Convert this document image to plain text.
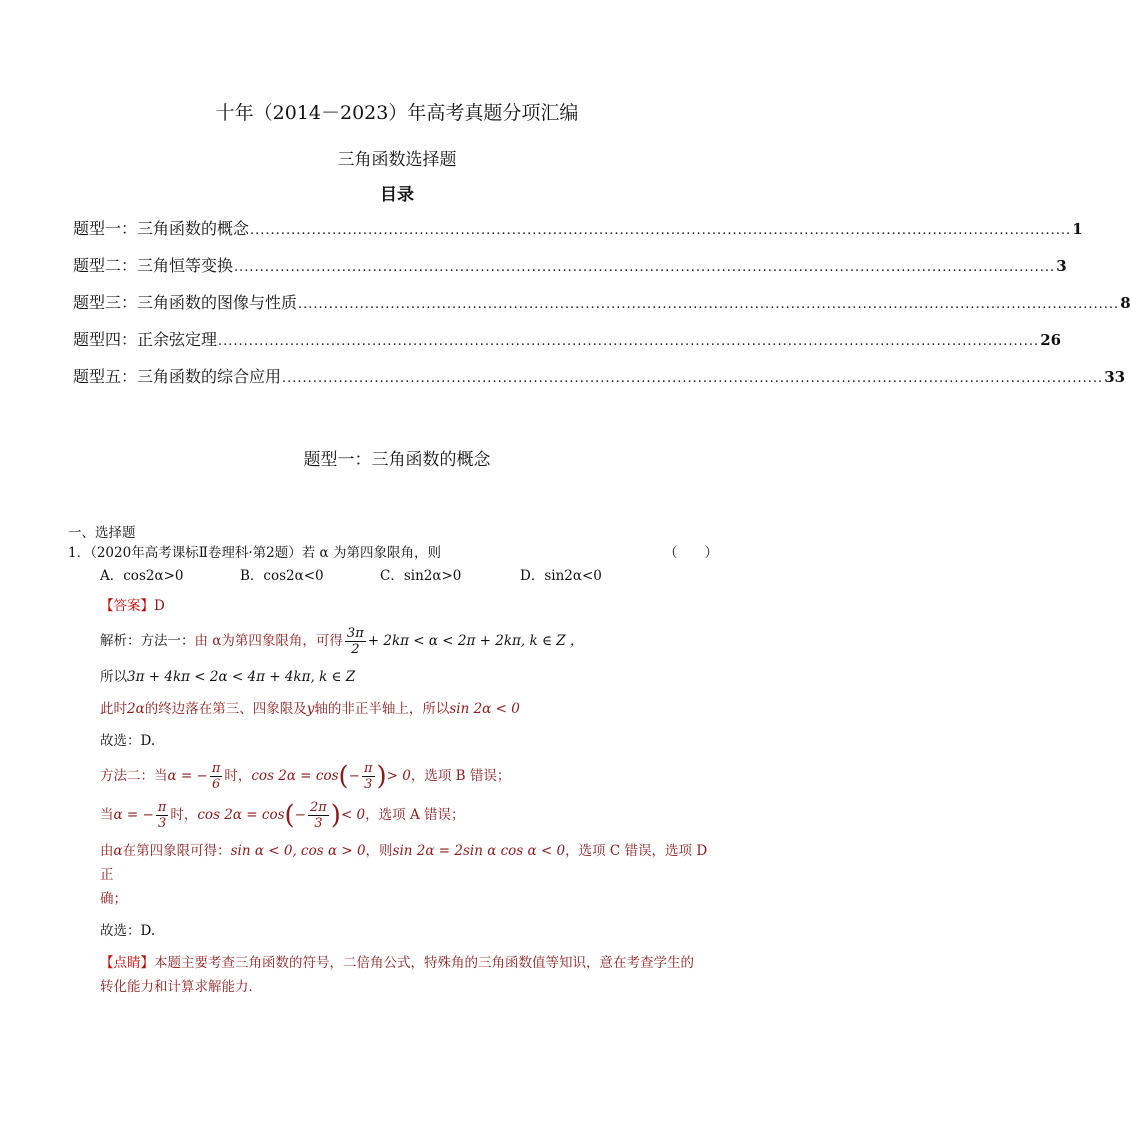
十年（2014－2023）年高考真题分项汇编
三角函数选择题
目录
题型一：三角函数的概念 ................................................................................................................................................................ 1
题型二：三角恒等变换 ................................................................................................................................................................ 3
题型三：三角函数的图像与性质 ................................................................................................................................................................ 8
题型四：正余弦定理 ................................................................................................................................................................ 26
题型五：三角函数的综合应用 ................................................................................................................................................................ 33
题型一：三角函数的概念
一、选择题
1．（2020年高考课标Ⅱ卷理科·第2题）若 α 为第四象限角，则	（　　）
A．cos2α>0	B．cos2α<0	C．sin2α>0	D．sin2α<0
【答案】D
解析：方法一：由 α为第四象限角，可得 $\frac{3\pi}{2} + 2k\pi < \alpha < 2\pi + 2k\pi$, k ∈ Z ，
所以3π + 4kπ < 2α < 4π + 4kπ, k ∈ Z
此时2α的终边落在第三、四象限及y轴的非正半轴上，所以sin 2α < 0
故选：D.
方法二：当α = − $\frac{\pi}{6}$ 时，$\cos 2\alpha = \cos(- \frac{\pi}{3}$ )> 0，选项 B 错误；
当α = − $\frac{\pi}{3}$ 时，$\cos 2\alpha = \cos(- \frac{2\pi}{3}$ )< 0，选项 A 错误；
由α在第四象限可得：sin α < 0, cos α > 0，则sin 2α = 2sin α cos α < 0，选项 C 错误，选项 D 正
确；
故选：D.
【点睛】本题主要考查三角函数的符号，二倍角公式，特殊角的三角函数值等知识，意在考查学生的
转化能力和计算求解能力．
